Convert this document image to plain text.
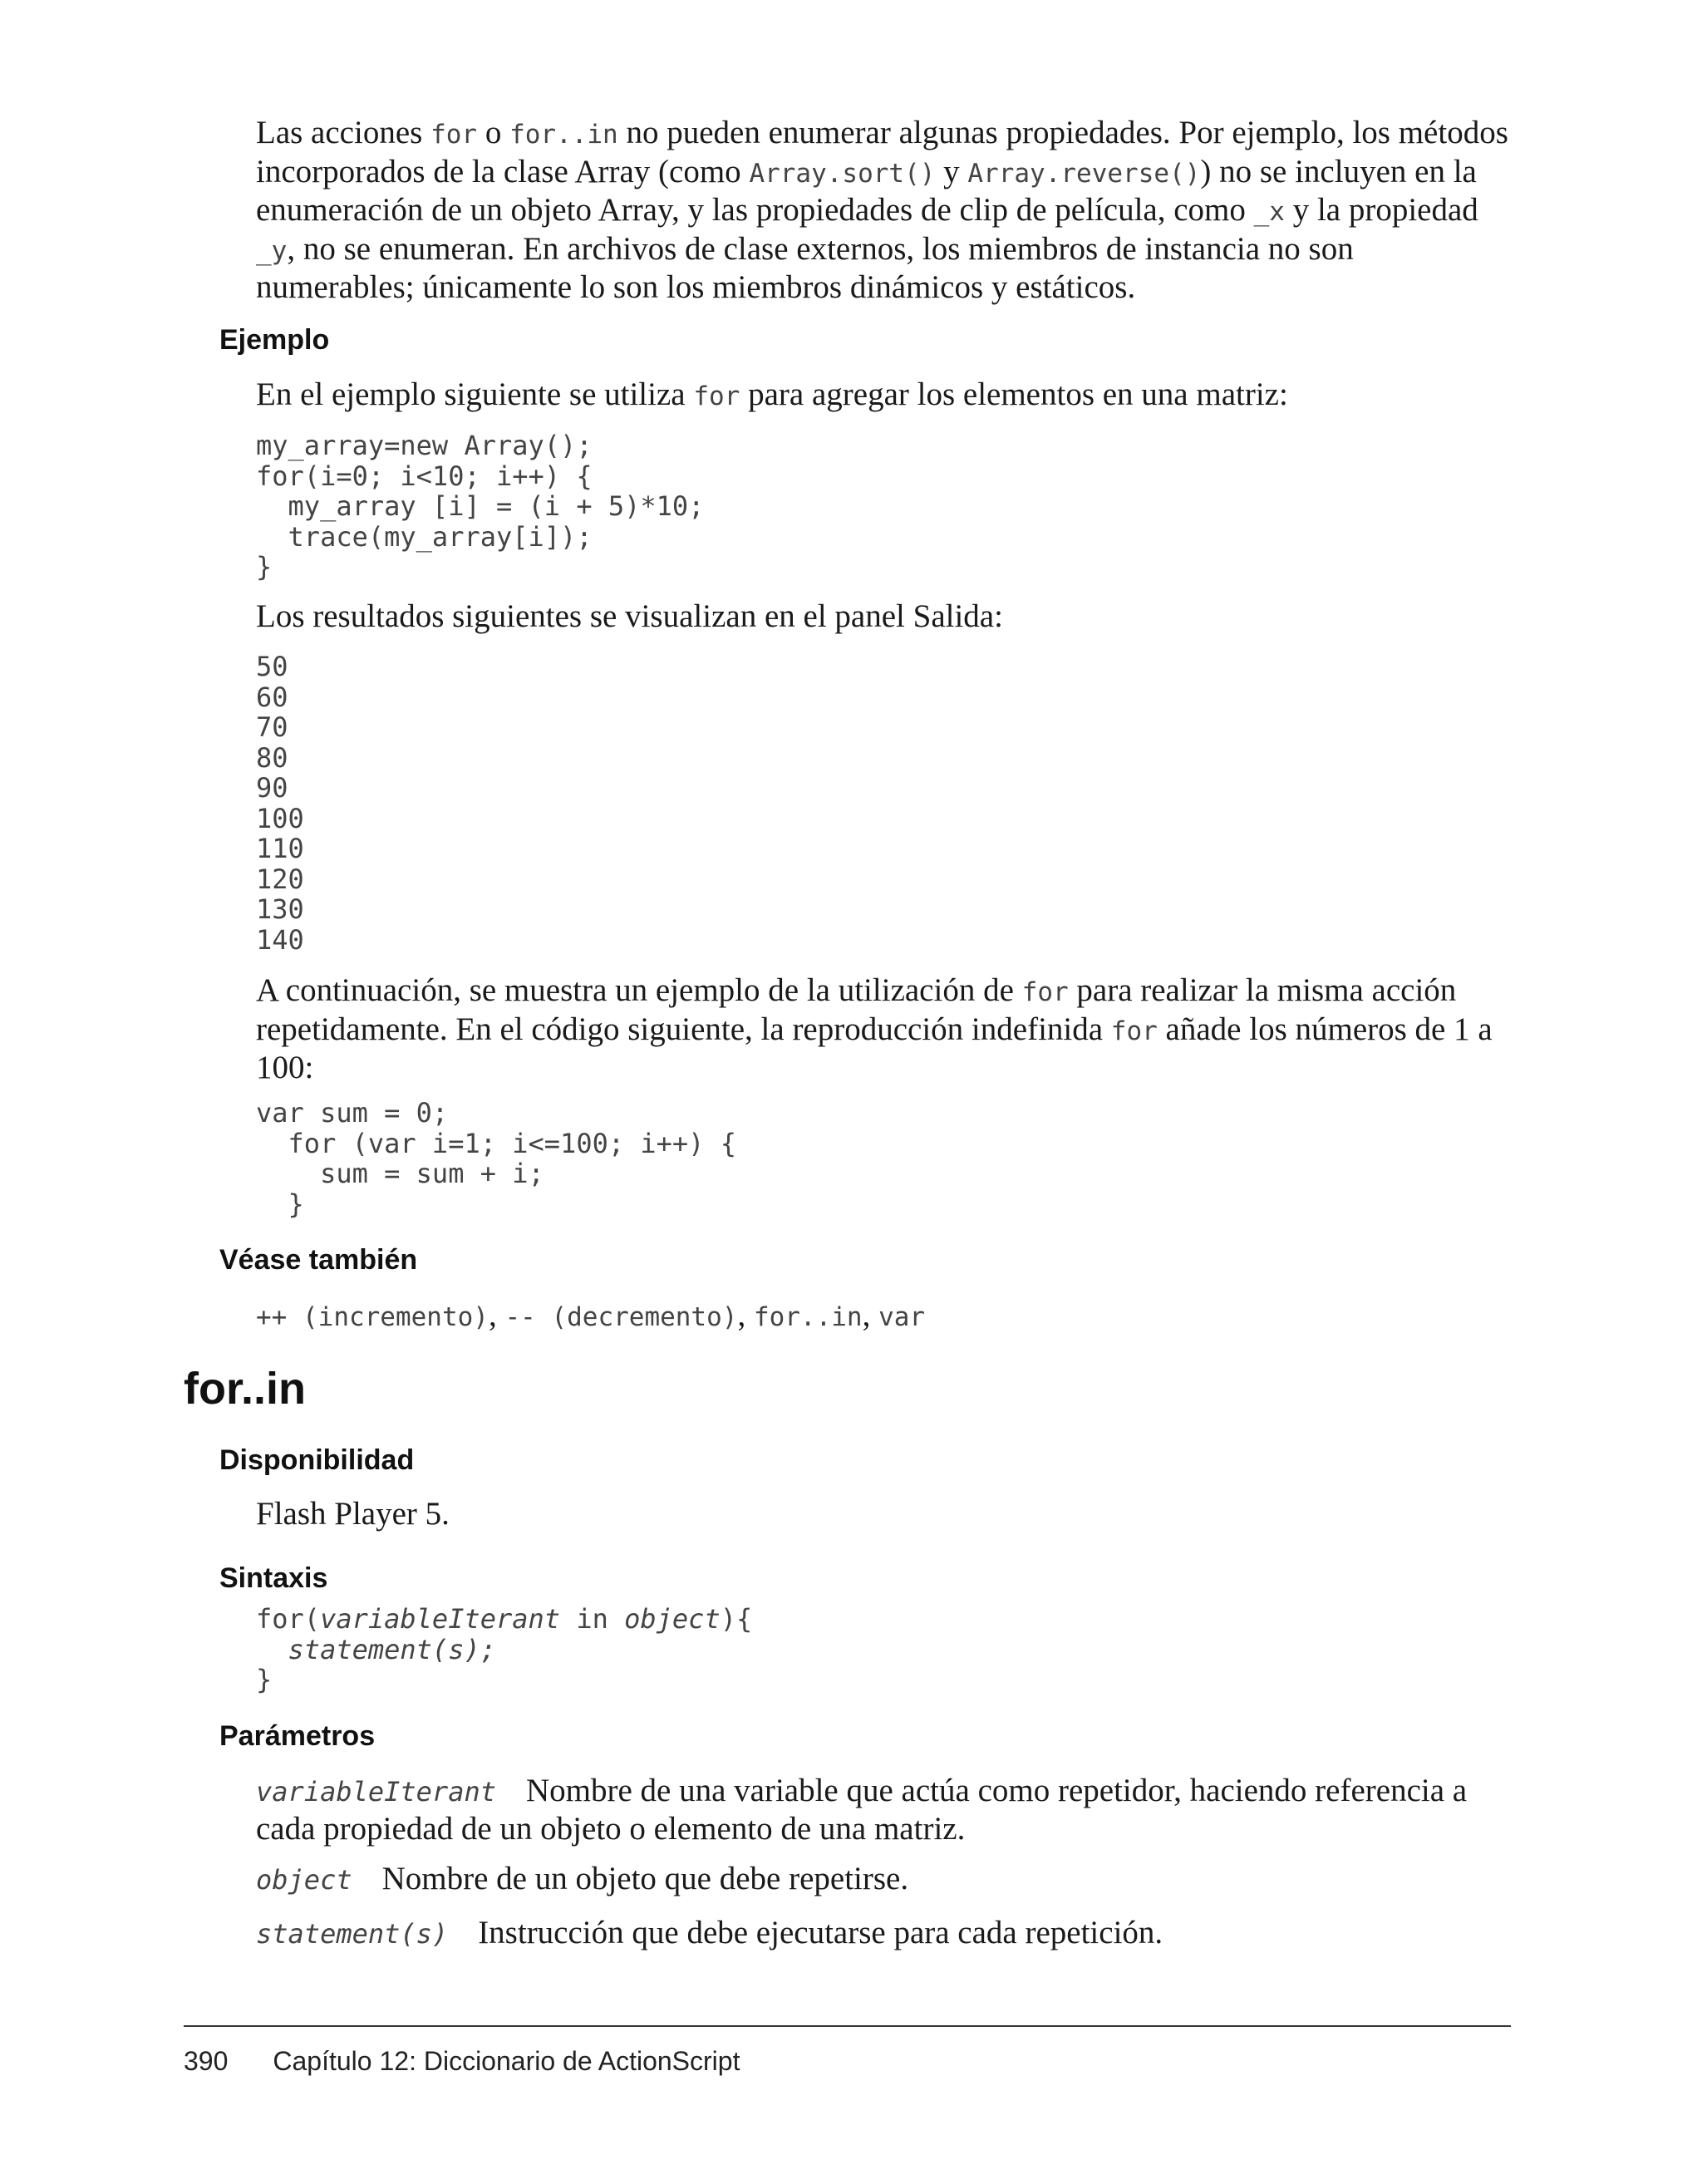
Las acciones for o for..in no pueden enumerar algunas propiedades. Por ejemplo, los métodos incorporados de la clase Array (como Array.sort() y Array.reverse()) no se incluyen en la enumeración de un objeto Array, y las propiedades de clip de película, como _x y la propiedad _y, no se enumeran. En archivos de clase externos, los miembros de instancia no son numerables; únicamente lo son los miembros dinámicos y estáticos.

Ejemplo

En el ejemplo siguiente se utiliza for para agregar los elementos en una matriz:

my_array=new Array();
for(i=0; i<10; i++) {
my_array [i] = (i + 5)*10;
trace(my_array[i]);
}

Los resultados siguientes se visualizan en el panel Salida:

50
60
70
80
90
100
110
120
130
140

A continuación, se muestra un ejemplo de la utilización de for para realizar la misma acción repetidamente. En el código siguiente, la reproducción indefinida for añade los números de 1 a 100:

var sum = 0;
for (var i=1; i<=100; i++) {
sum = sum + i;
}
Véase también

++ (incremento), -- (decremento), for..in, var

for..in
Disponibilidad

Flash Player 5.

Sintaxis
for(variableIterant in object){
statement(s);
}
Parámetros

variableIterant Nombre de una variable que actúa como repetidor, haciendo referencia a cada propiedad de un objeto o elemento de una matriz.

object Nombre de un objeto que debe repetirse.

statement(s) Instrucción que debe ejecutarse para cada repetición.

390 Capítulo 12: Diccionario de ActionScript
